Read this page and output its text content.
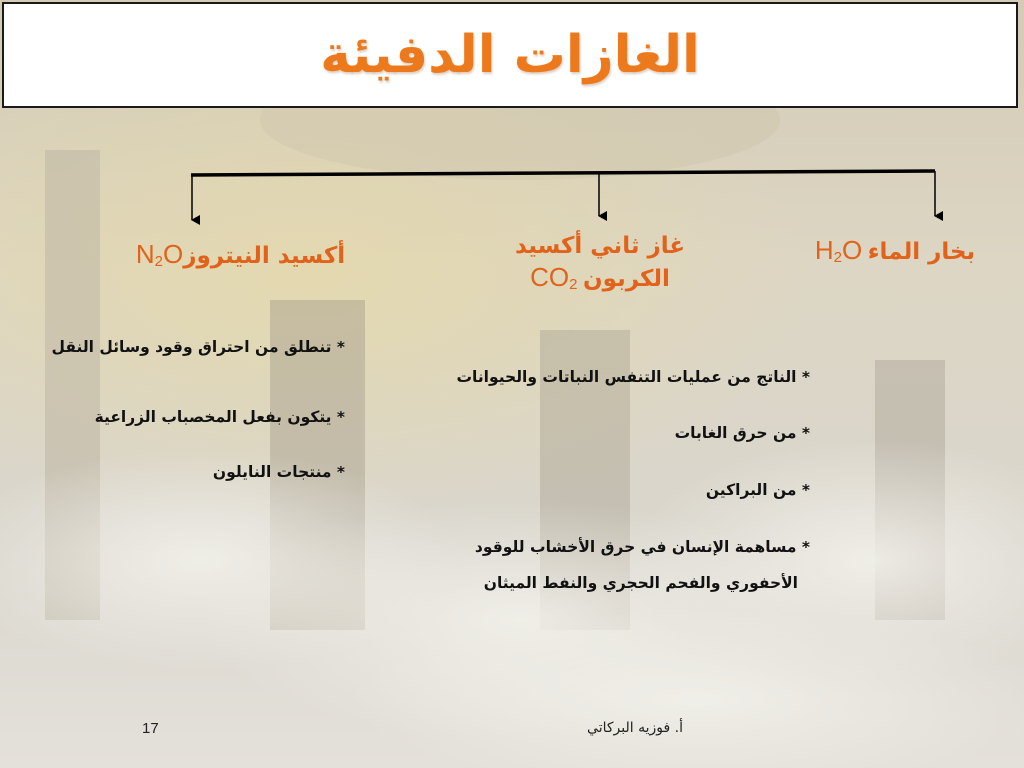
الغازات الدفيئة
بخار الماء $H_2O$
غاز ثاني أكسيد
الكربون $CO_2$
أكسيد النيتروزN$_2$O
* الناتج من عمليات التنفس النباتات والحيوانات
* من حرق الغابات
* من البراكين
* مساهمة الإنسان في حرق الأخشاب للوقود
الأحفوري والفحم الحجري والنفط الميثان
* تنطلق من احتراق وقود وسائل النقل
* يتكون بفعل المخصباب الزراعية
* منتجات النايلون
17	أ. فوزيه البركاتي
